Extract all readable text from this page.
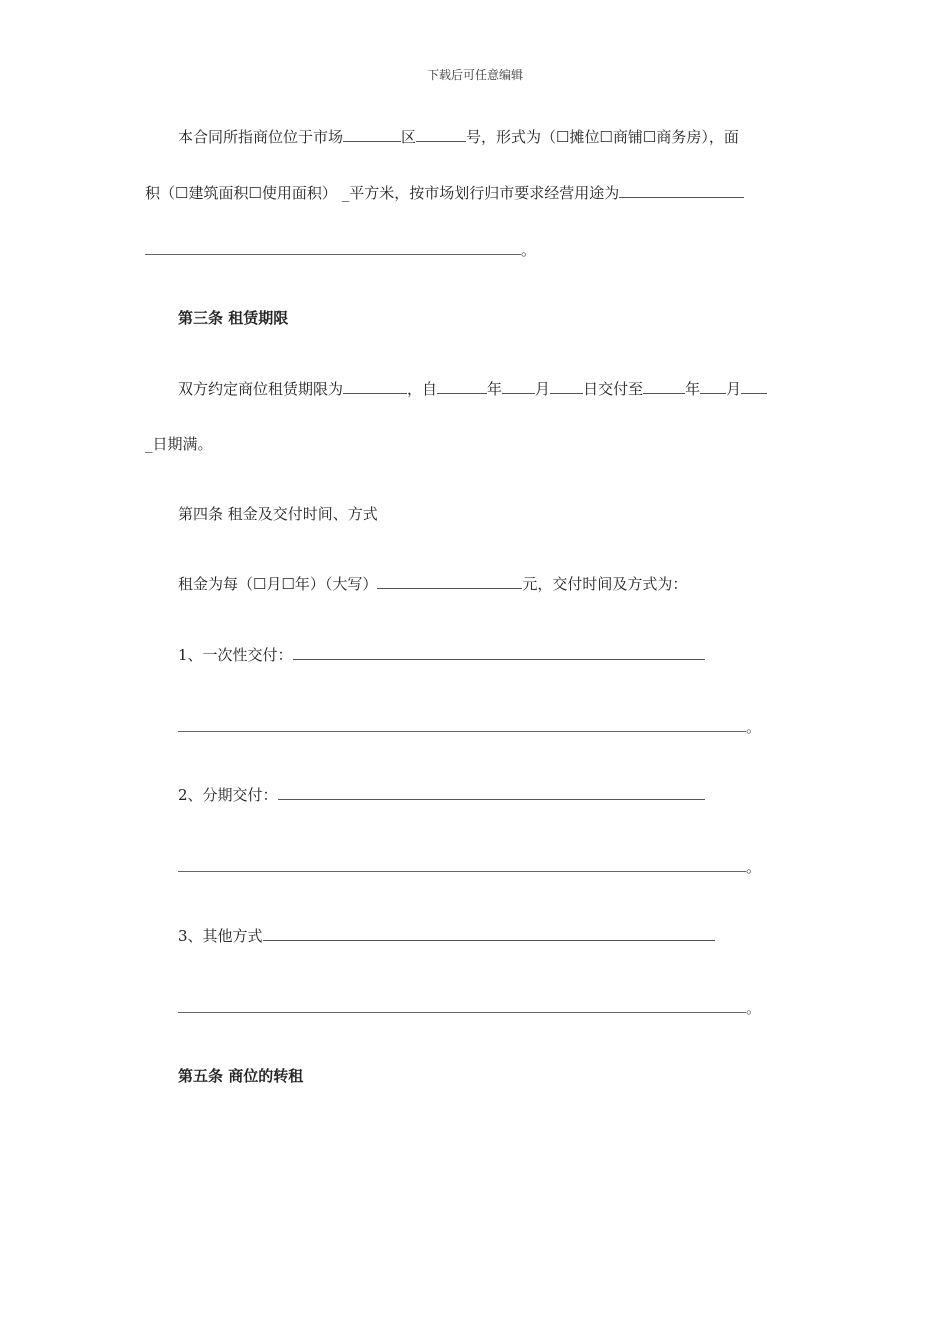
下载后可任意编辑
本合同所指商位位于市场	区	号，形式为（☐摊位☐商铺☐商务房），面
积（☐建筑面积☐使用面积） _平方米，按市场划行归市要求经营用途为
。
第三条 租赁期限
双方约定商位租赁期限为	，自	年 月 日交付至	年 月
_日期满。
第四条 租金及交付时间、方式
租金为每（☐月☐年）（大写）	元，交付时间及方式为：
1、一次性交付：
。
2、分期交付：
。
3、其他方式
。
第五条 商位的转租
